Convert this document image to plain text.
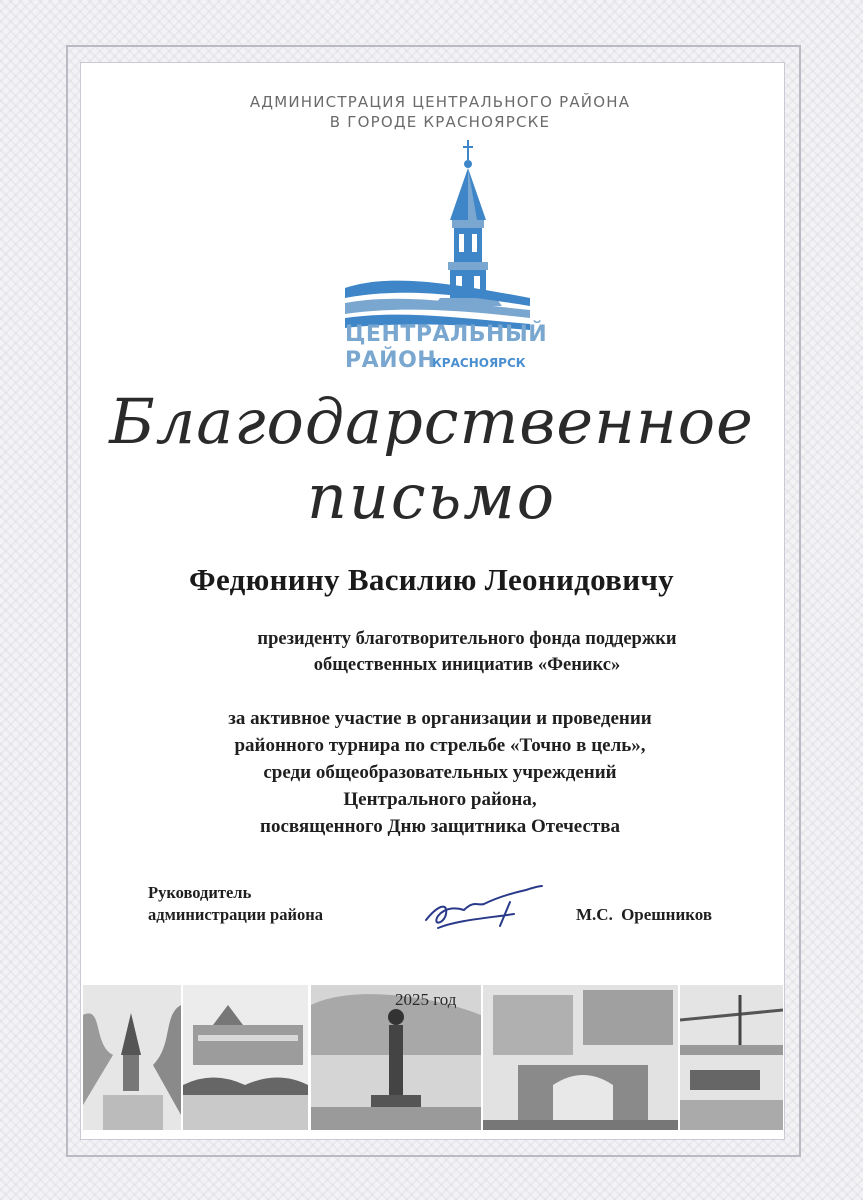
АДМИНИСТРАЦИЯ ЦЕНТРАЛЬНОГО РАЙОНА
В ГОРОДЕ КРАСНОЯРСКЕ
ЦЕНТРАЛЬНЫЙ
РАЙОН
КРАСНОЯРСК
Благодарственное
письмо
Федюнину Василию Леонидовичу
президенту благотворительного фонда поддержки
общественных инициатив «Феникс»
за активное участие в организации и проведении
районного турнира по стрельбе «Точно в цель»,
среди общеобразовательных учреждений
Центрального района,
посвященного Дню защитника Отечества
Руководитель
администрации района	М.С. Орешников
2025 год
